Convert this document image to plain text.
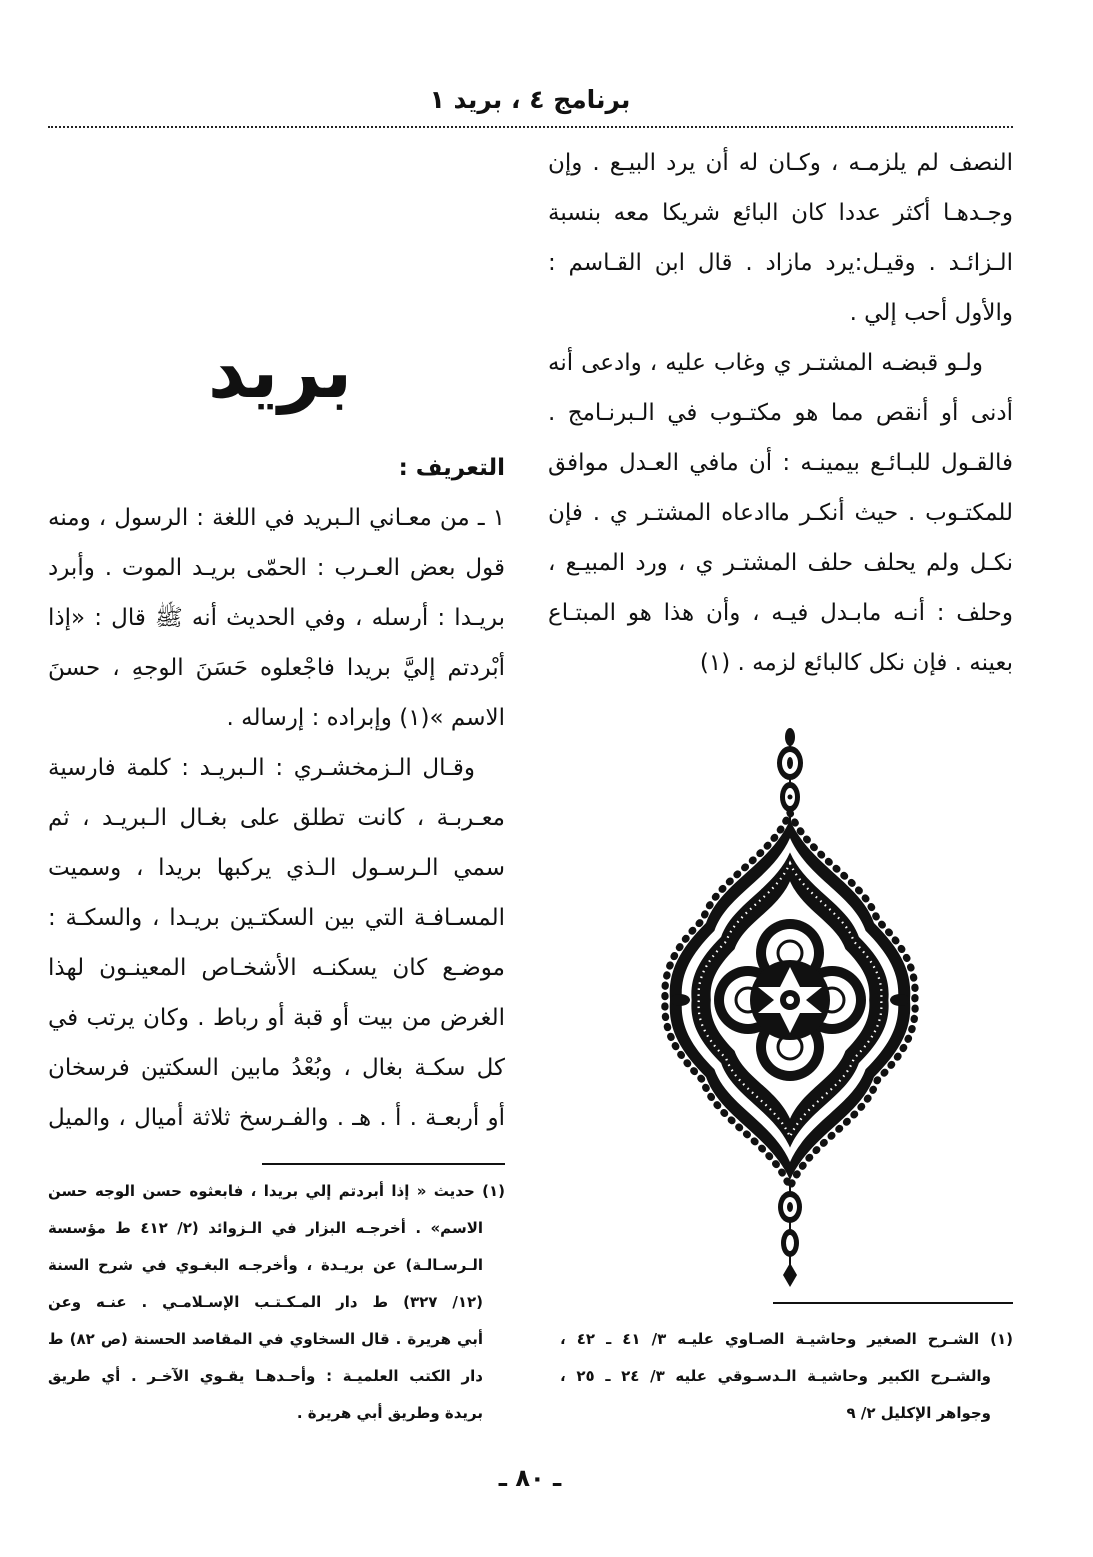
برنامج ٤ ، بريد ١
النصف لم يلزمـه ، وكـان له أن يرد البيـع . وإن
وجـدهـا أكثر عددا كان البائع شريكا معه بنسبة
الـزائـد . وقيـل:يرد مازاد . قال ابن القـاسم :
والأول أحب إلي .
ولـو قبضـه المشتـر ي وغاب عليه ، وادعى أنه
أدنى أو أنقص مما هو مكتـوب في الـبرنـامج .
فالقـول للبـائـع بيمينـه : أن مافي العـدل موافق
للمكتـوب . حيث أنكـر ماادعاه المشتـر ي . فإن
نكـل ولم يحلف حلف المشتـر ي ، ورد المبيـع ،
وحلف : أنـه مابـدل فيـه ، وأن هذا هو المبتـاع
بعينه . فإن نكل كالبائع لزمه . (١)
(١) الشـرح الصغير وحاشيـة الصـاوي عليـه ٣/ ٤١ ـ ٤٢ ،
والشـرح الكبير وحاشيـة الـدسـوقي عليه ٣/ ٢٤ ـ ٢٥ ،
وجواهر الإكليل ٢/ ٩
بريد
التعريف :
١ ـ من معـاني الـبريد في اللغة : الرسول ، ومنه
قول بعض العـرب : الحمّى بريـد الموت . وأبرد
بريـدا : أرسله ، وفي الحديث أنه ﷺ قال : «إذا
أبْردتم إليَّ بريدا فاجْعلوه حَسَنَ الوجهِ ، حسنَ
الاسم »(١) وإبراده : إرساله .
وقـال الـزمخشـري : الـبريـد : كلمة فارسية
معـربـة ، كانت تطلق على بغـال الـبريـد ، ثم
سمي الـرسـول الـذي يركبها بريدا ، وسميت
المسـافـة التي بين السكتـين بريـدا ، والسكـة :
موضـع كان يسكنـه الأشخـاص المعينـون لهذا
الغرض من بيت أو قبة أو رباط . وكان يرتب في
كل سكـة بغال ، وبُعْدُ مابين السكتين فرسخان
أو أربعـة . أ . هـ . والفـرسخ ثلاثة أميال ، والميل
(١) حديث « إذا أبردتم إلي بريدا ، فابعثوه حسن الوجه حسن
الاسم» . أخرجـه البزار في الـزوائد (٢/ ٤١٢ ط مؤسسة
الـرسـالـة) عن بريـدة ، وأخرجـه البغـوي في شرح السنة
(١٢/ ٣٢٧) ط دار المـكـتـب الإسـلامـي . عنـه وعن
أبي هريرة . قال السخاوي في المقاصد الحسنة (ص ٨٢) ط
دار الكتب العلميـة : وأحـدهـا يقـوي الآخـر . أي طريق
بريدة وطريق أبي هريرة .
ـ ٨٠ ـ
